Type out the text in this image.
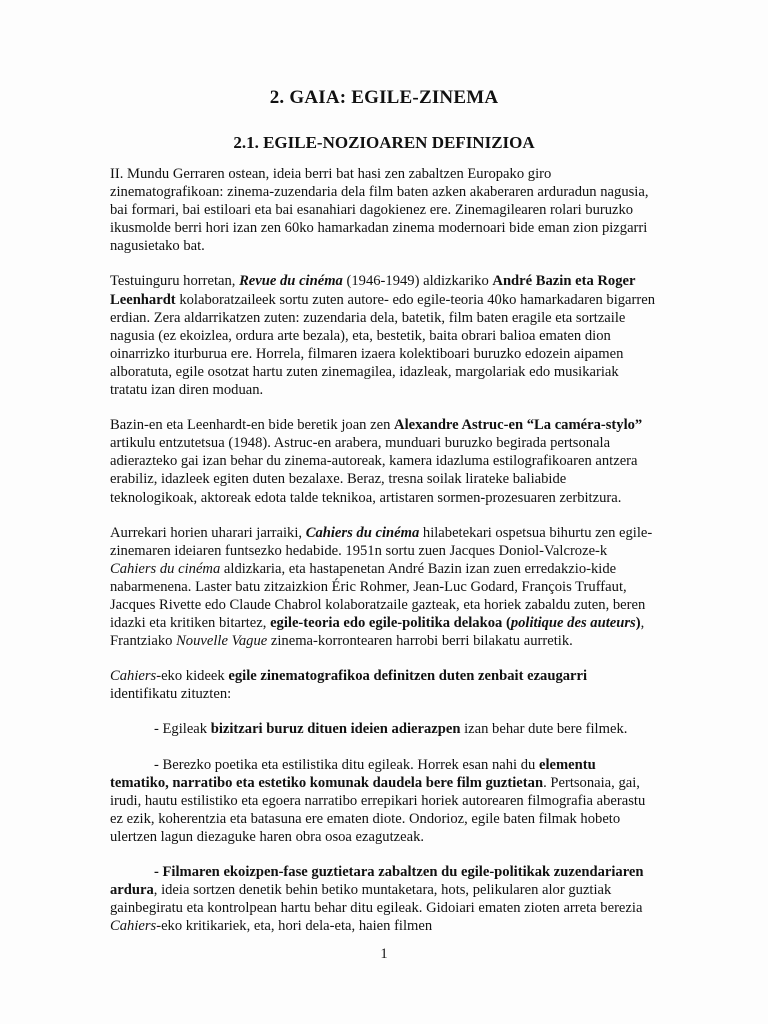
2. GAIA: EGILE-ZINEMA
2.1. EGILE-NOZIOAREN DEFINIZIOA

II. Mundu Gerraren ostean, ideia berri bat hasi zen zabaltzen Europako giro zinematografikoan: zinema-zuzendaria dela film baten azken akaberaren arduradun nagusia, bai formari, bai estiloari eta bai esanahiari dagokienez ere. Zinemagilearen rolari buruzko ikusmolde berri hori izan zen 60ko hamarkadan zinema modernoari bide eman zion pizgarri nagusietako bat.

Testuinguru horretan, Revue du cinéma (1946-1949) aldizkariko André Bazin eta Roger Leenhardt kolaboratzaileek sortu zuten autore- edo egile-teoria 40ko hamarkadaren bigarren erdian. Zera aldarrikatzen zuten: zuzendaria dela, batetik, film baten eragile eta sortzaile nagusia (ez ekoizlea, ordura arte bezala), eta, bestetik, baita obrari balioa ematen dion oinarrizko iturburua ere. Horrela, filmaren izaera kolektiboari buruzko edozein aipamen alboratuta, egile osotzat hartu zuten zinemagilea, idazleak, margolariak edo musikariak tratatu izan diren moduan.

Bazin-en eta Leenhardt-en bide beretik joan zen Alexandre Astruc-en “La caméra-stylo” artikulu entzutetsua (1948). Astruc-en arabera, munduari buruzko begirada pertsonala adierazteko gai izan behar du zinema-autoreak, kamera idazluma estilografikoaren antzera erabiliz, idazleek egiten duten bezalaxe. Beraz, tresna soilak lirateke baliabide teknologikoak, aktoreak edota talde teknikoa, artistaren sormen-prozesuaren zerbitzura.

Aurrekari horien uharari jarraiki, Cahiers du cinéma hilabetekari ospetsua bihurtu zen egile-zinemaren ideiaren funtsezko hedabide. 1951n sortu zuen Jacques Doniol-Valcroze-k Cahiers du cinéma aldizkaria, eta hastapenetan André Bazin izan zuen erredakzio-kide nabarmenena. Laster batu zitzaizkion Éric Rohmer, Jean-Luc Godard, François Truffaut, Jacques Rivette edo Claude Chabrol kolaboratzaile gazteak, eta horiek zabaldu zuten, beren idazki eta kritiken bitartez, egile-teoria edo egile-politika delakoa (politique des auteurs), Frantziako Nouvelle Vague zinema-korrontearen harrobi berri bilakatu aurretik.

Cahiers-eko kideek egile zinematografikoa definitzen duten zenbait ezaugarri identifikatu zituzten:

- Egileak bizitzari buruz dituen ideien adierazpen izan behar dute bere filmek.

- Berezko poetika eta estilistika ditu egileak. Horrek esan nahi du elementu tematiko, narratibo eta estetiko komunak daudela bere film guztietan. Pertsonaia, gai, irudi, hautu estilistiko eta egoera narratibo errepikari horiek autorearen filmografia aberastu ez ezik, koherentzia eta batasuna ere ematen diote. Ondorioz, egile baten filmak hobeto ulertzen lagun diezaguke haren obra osoa ezagutzeak.

- Filmaren ekoizpen-fase guztietara zabaltzen du egile-politikak zuzendariaren ardura, ideia sortzen denetik behin betiko muntaketara, hots, pelikularen alor guztiak gainbegiratu eta kontrolpean hartu behar ditu egileak. Gidoiari ematen zioten arreta berezia Cahiers-eko kritikariek, eta, hori dela-eta, haien filmen

1
